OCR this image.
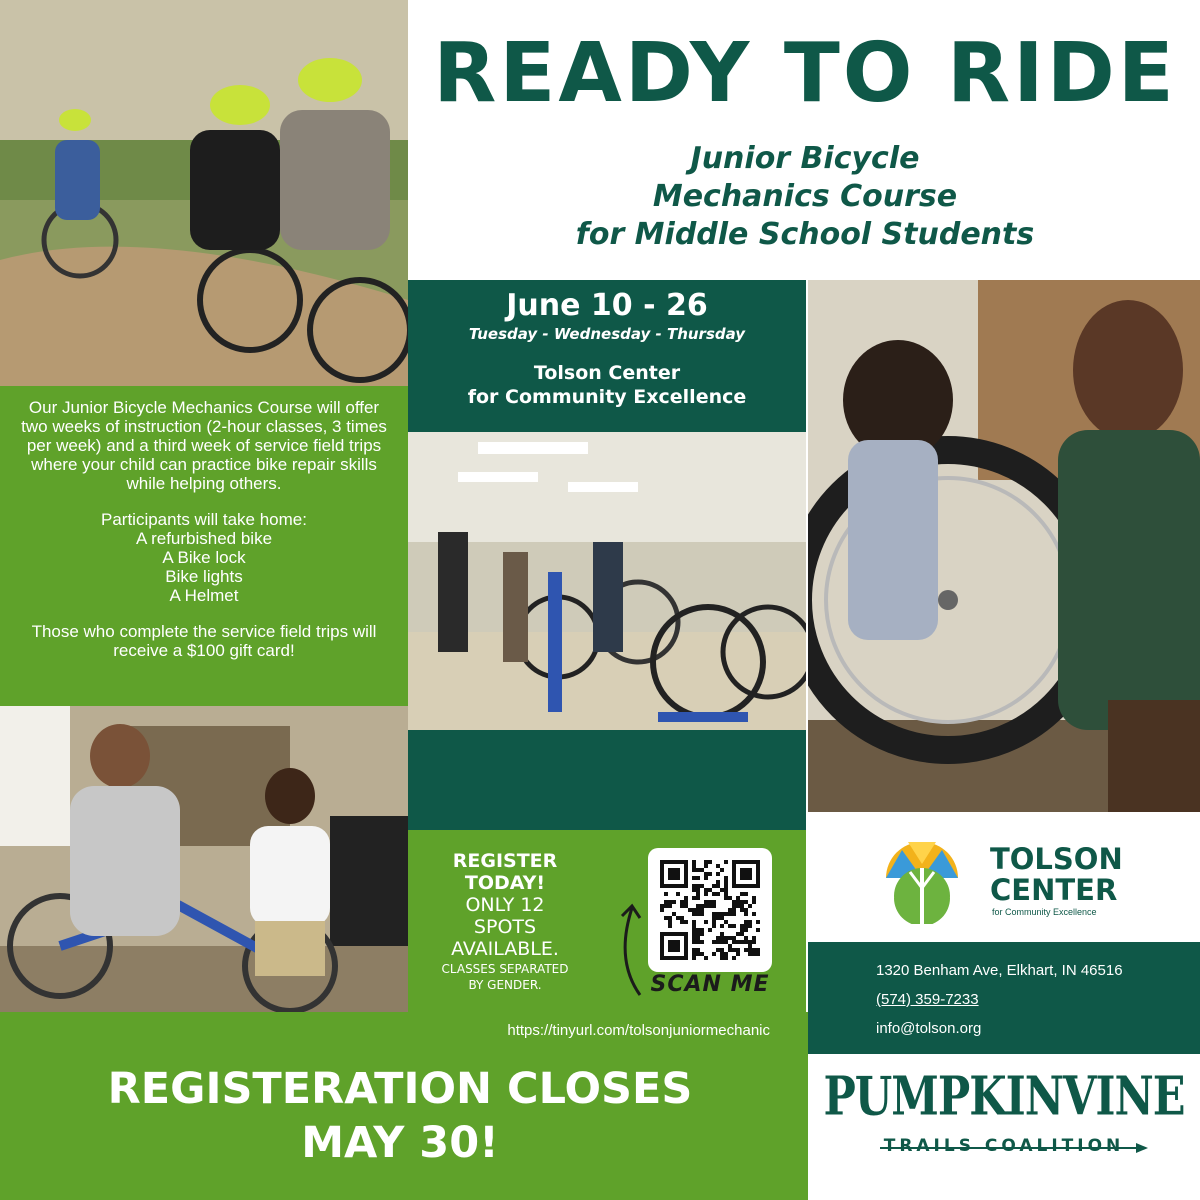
READY TO RIDE
Junior Bicycle
Mechanics Course
for Middle School Students
June 10 - 26
Tuesday - Wednesday - Thursday
Tolson Center
for Community Excellence

Our Junior Bicycle Mechanics Course will offer two weeks of instruction (2-hour classes, 3 times per week) and a third week of service field trips where your child can practice bike repair skills while helping others.

Participants will take home:
A refurbished bike
A Bike lock
Bike lights
A Helmet

Those who complete the service field trips will receive a $100 gift card!

REGISTER
TODAY!
ONLY 12
SPOTS
AVAILABLE.
CLASSES SEPARATED
BY GENDER.	SCAN ME
https://tinyurl.com/tolsonjuniormechanic
REGISTERATION CLOSES
MAY 30!
TOLSON
CENTER
for Community Excellence
1320 Benham Ave, Elkhart, IN 46516
(574) 359-7233
info@tolson.org
PUMPKINVINE
TRAILS COALITION
